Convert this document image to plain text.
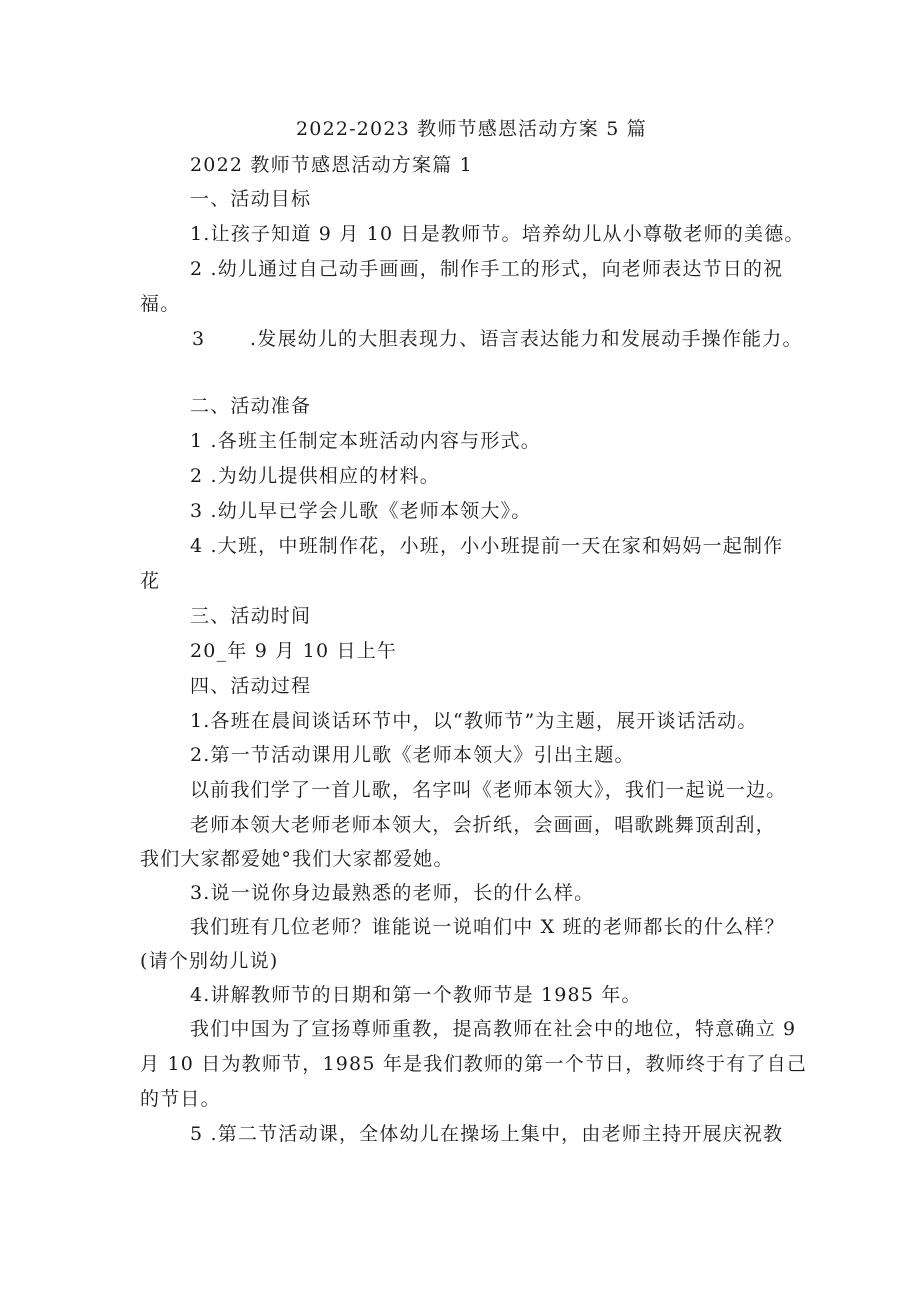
2022-2023 教师节感恩活动方案 5 篇
2022 教师节感恩活动方案篇 1
一、活动目标
1.让孩子知道 9 月 10 日是教师节。培养幼儿从小尊敬老师的美德。
2 .幼儿通过自己动手画画，制作手工的形式，向老师表达节日的祝
福。
3 .发展幼儿的大胆表现力、语言表达能力和发展动手操作能力。
二、活动准备
1 .各班主任制定本班活动内容与形式。
2 .为幼儿提供相应的材料。
3 .幼儿早已学会儿歌《老师本领大》。
4 .大班，中班制作花，小班，小小班提前一天在家和妈妈一起制作
花
三、活动时间
20_年 9 月 10 日上午
四、活动过程
1.各班在晨间谈话环节中，以“教师节”为主题，展开谈话活动。
2.第一节活动课用儿歌《老师本领大》引出主题。
以前我们学了一首儿歌，名字叫《老师本领大》，我们一起说一边。
老师本领大老师老师本领大，会折纸，会画画，唱歌跳舞顶刮刮，
我们大家都爱她°我们大家都爱她。
3.说一说你身边最熟悉的老师，长的什么样。
我们班有几位老师？谁能说一说咱们中 X 班的老师都长的什么样？
(请个别幼儿说)
4.讲解教师节的日期和第一个教师节是 1985 年。
我们中国为了宣扬尊师重教，提高教师在社会中的地位，特意确立 9
月 10 日为教师节，1985 年是我们教师的第一个节日，教师终于有了自己
的节日。
5 .第二节活动课，全体幼儿在操场上集中，由老师主持开展庆祝教
